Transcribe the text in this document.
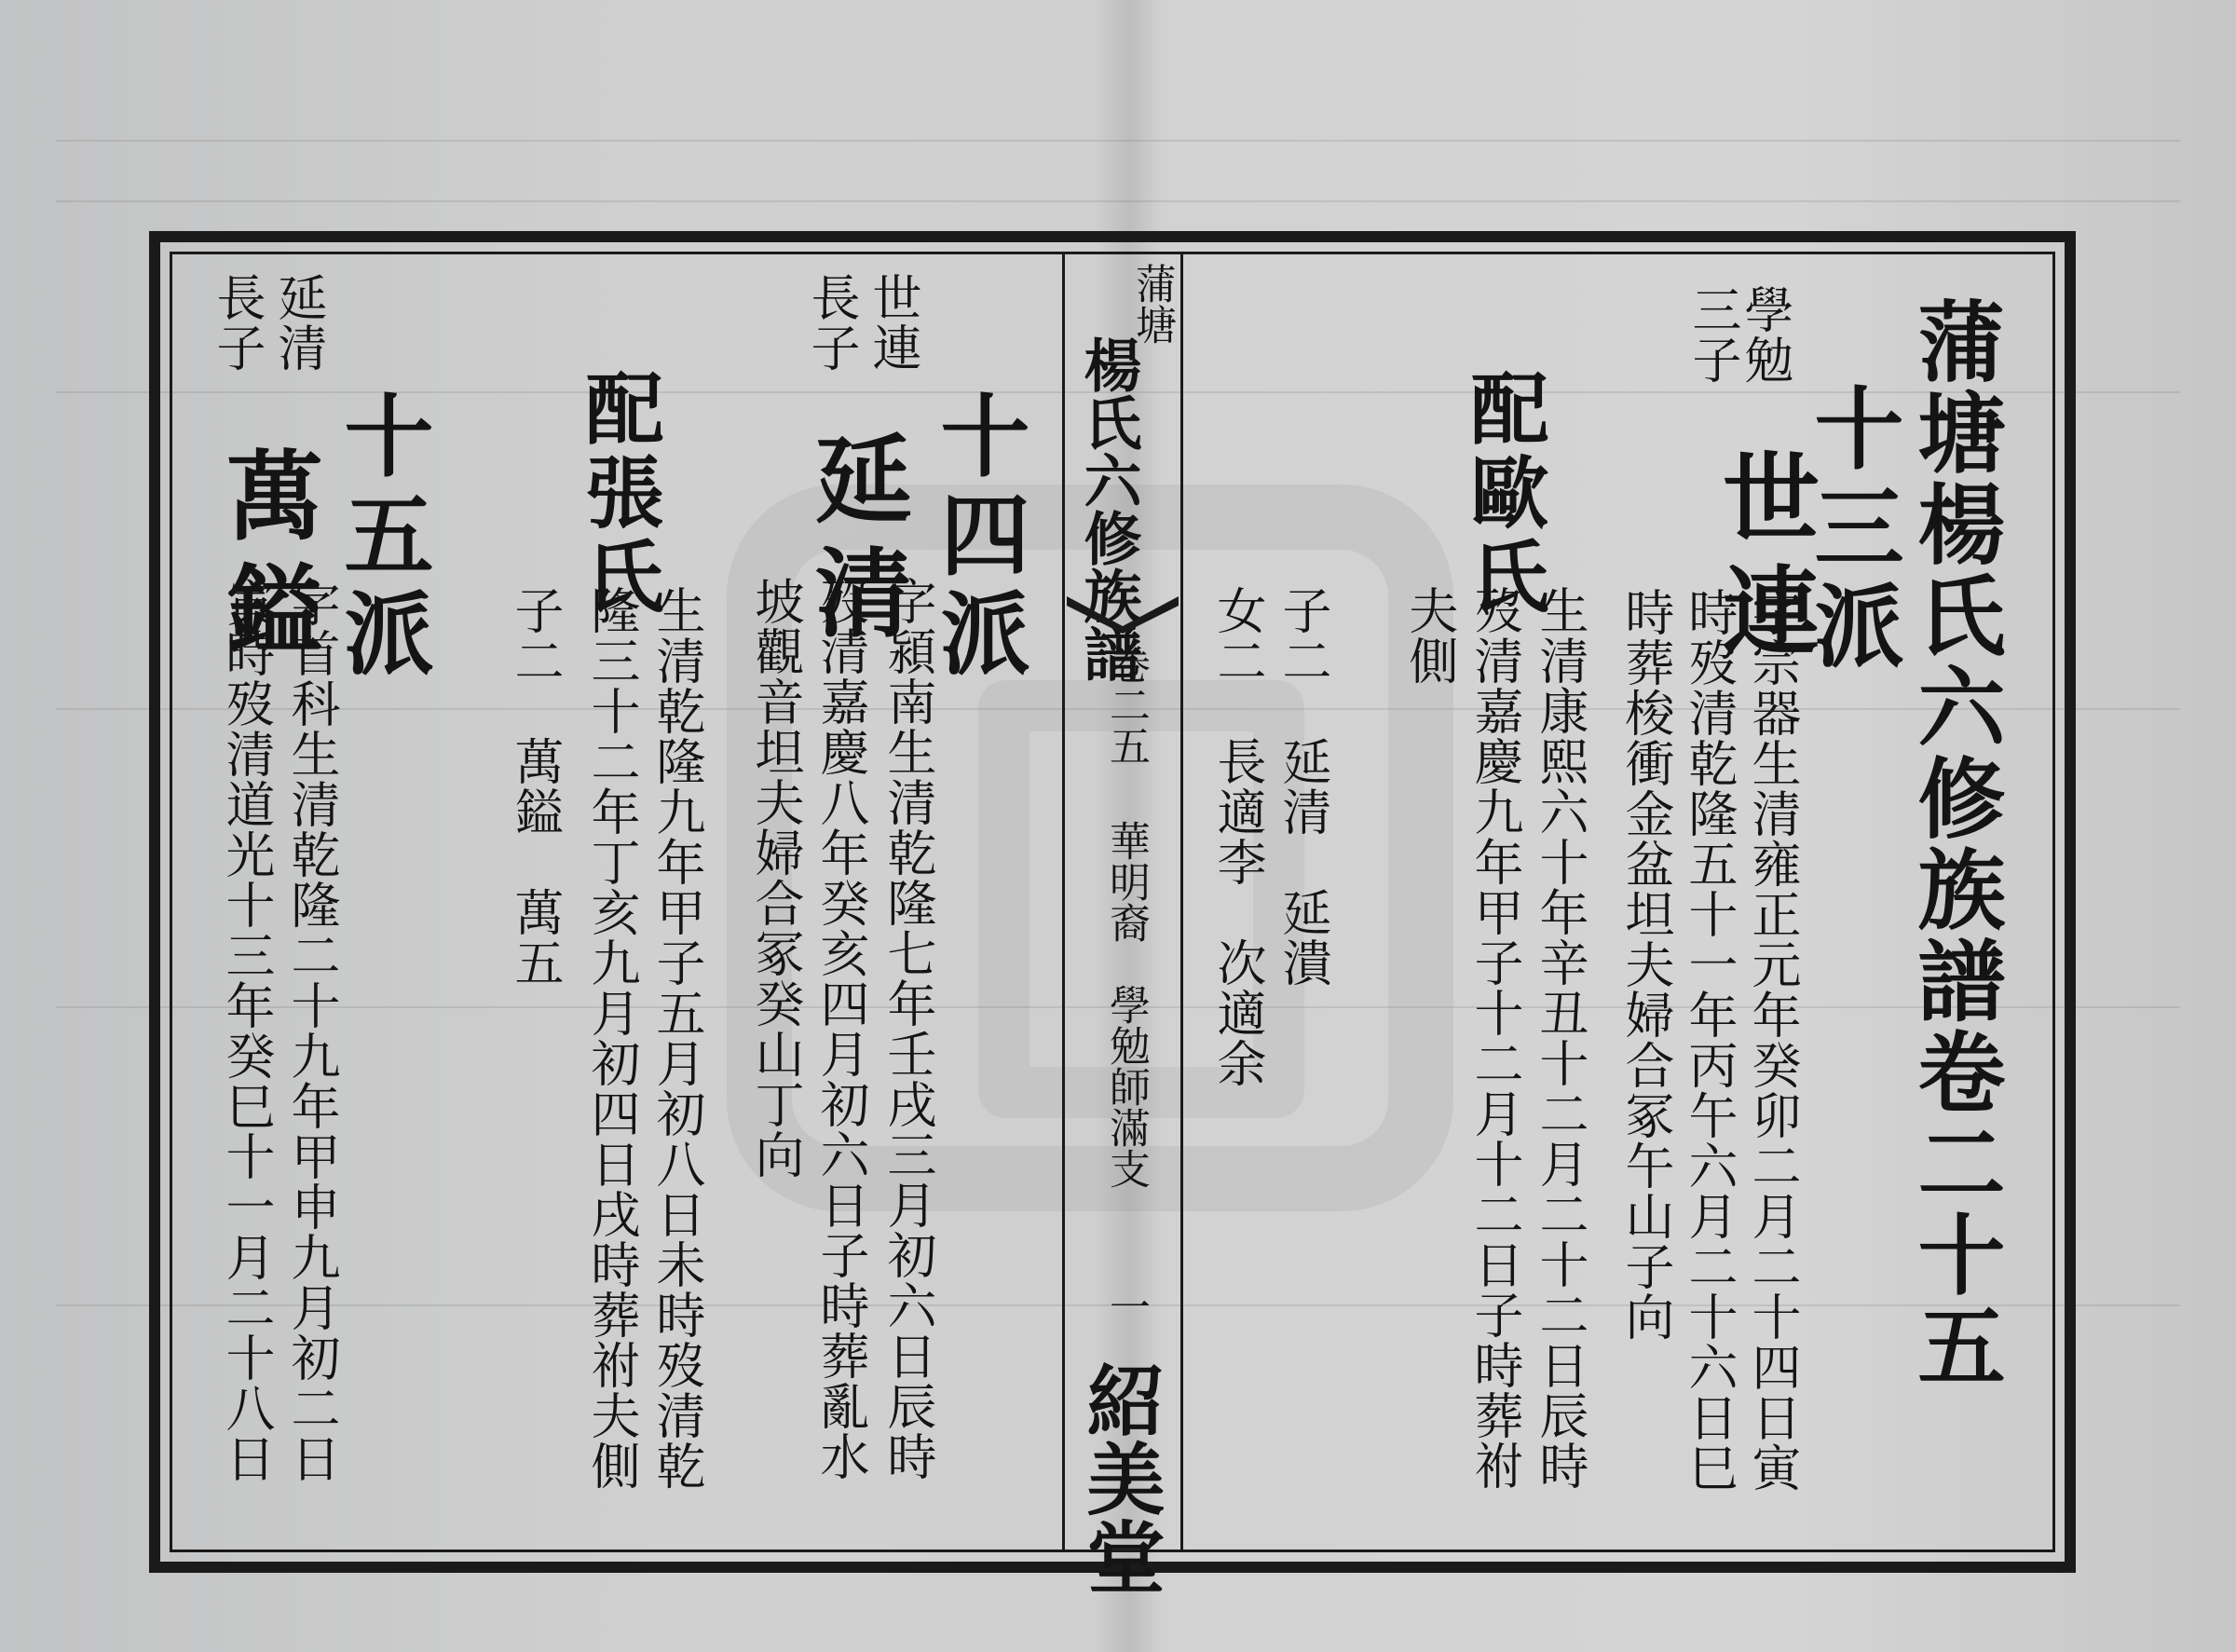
蒲塘楊氏六修族譜卷二十五
十三派
學勉
三子
世連
字宗器生清雍正元年癸卯二月二十四日寅
時歿清乾隆五十一年丙午六月二十六日巳
時葬梭衝金盆坦夫婦合冢午山子向
配歐氏
生清康熙六十年辛丑十二月二十二日辰時
歿清嘉慶九年甲子十二月十二日子時葬祔
夫側
子二　延清　延潰
女二　長適李　次適余
蒲塘
楊氏六修族譜
卷二五
華明裔　學勉師滿支
一
紹美堂
十四派
世連
長子
延清
字潁南生清乾隆七年壬戌三月初六日辰時
歿清嘉慶八年癸亥四月初六日子時葬亂水
坡觀音坦夫婦合冢癸山丁向
配張氏
生清乾隆九年甲子五月初八日未時歿清乾
隆三十二年丁亥九月初四日戌時葬祔夫側
子二　萬鎰　萬五
十五派
延清
長子
萬鎰
字首科生清乾隆二十九年甲申九月初二日
寅時歿清道光十三年癸巳十一月二十八日
